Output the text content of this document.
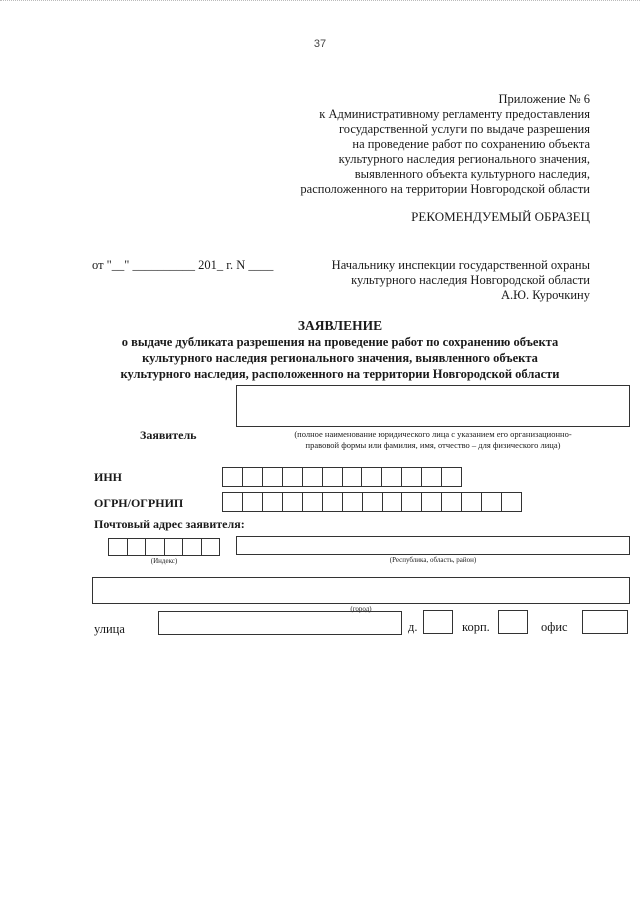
37
Приложение № 6
к Административному регламенту предоставления
государственной услуги по выдаче разрешения
на проведение работ по сохранению объекта
культурного наследия регионального значения,
выявленного объекта культурного наследия,
расположенного на территории Новгородской области
РЕКОМЕНДУЕМЫЙ ОБРАЗЕЦ
от "__" __________ 201_ г. N ____	Начальнику инспекции государственной охраны
культурного наследия Новгородской области
А.Ю. Курочкину
ЗАЯВЛЕНИЕ
о выдаче дубликата разрешения на проведение работ по сохранению объекта
культурного наследия регионального значения, выявленного объекта
культурного наследия, расположенного на территории Новгородской области
Заявитель	(полное наименование юридического лица с указанием его организационно-
правовой формы или фамилия, имя, отчество – для физического лица)
ИНН
ОГРН/ОГРНИП
Почтовый адрес заявителя:
(Индекс)	(Республика, область, район)
(город)
улица	д.	корп.	офис
